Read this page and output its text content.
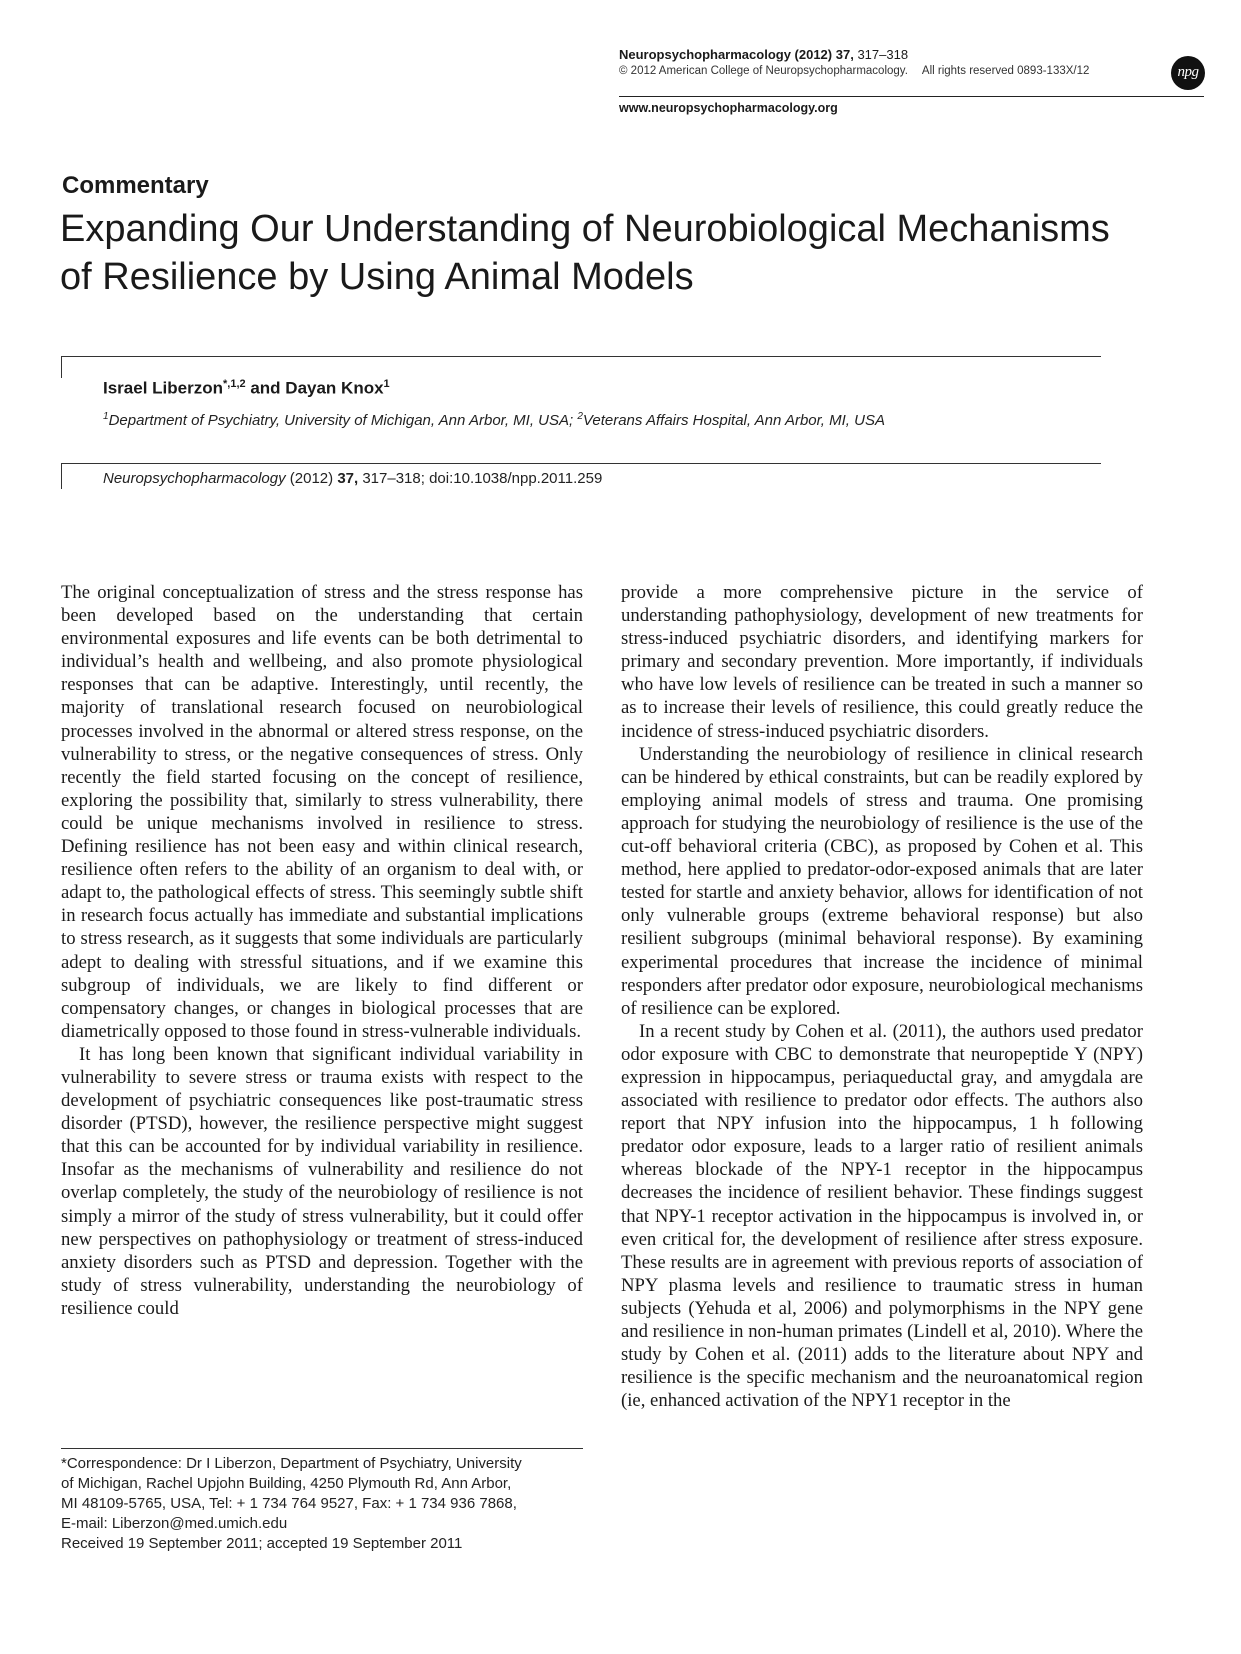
Neuropsychopharmacology (2012) 37, 317–318
© 2012 American College of Neuropsychopharmacology. All rights reserved 0893-133X/12	npg
www.neuropsychopharmacology.org
Commentary
Expanding Our Understanding of Neurobiological Mechanisms
of Resilience by Using Animal Models
Israel Liberzon$^{*,1,2}$ and Dayan Knox$^1$
$^1$Department of Psychiatry, University of Michigan, Ann Arbor, MI, USA; $^2$Veterans Affairs Hospital, Ann Arbor, MI, USA
Neuropsychopharmacology (2012) 37, 317–318; doi:10.1038/npp.2011.259

The original conceptualization of stress and the stress response has been developed based on the understanding that certain environmental exposures and life events can be both detrimental to individual’s health and wellbeing, and also promote physiological responses that can be adaptive. Interestingly, until recently, the majority of translational research focused on neurobiological processes involved in the abnormal or altered stress response, on the vulnerability to stress, or the negative consequences of stress. Only recently the field started focusing on the concept of resilience, exploring the possibility that, similarly to stress vulnerability, there could be unique mechanisms involved in resilience to stress. Defining resilience has not been easy and within clinical research, resilience often refers to the ability of an organism to deal with, or adapt to, the pathological effects of stress. This seemingly subtle shift in research focus actually has immediate and substantial implications to stress research, as it suggests that some individuals are particularly adept to dealing with stressful situations, and if we examine this subgroup of individuals, we are likely to find different or compensatory changes, or changes in biological processes that are diametrically opposed to those found in stress-vulnerable individuals.

It has long been known that significant individual variability in vulnerability to severe stress or trauma exists with respect to the development of psychiatric consequences like post-traumatic stress disorder (PTSD), however, the resilience perspective might suggest that this can be accounted for by individual variability in resilience. Insofar as the mechanisms of vulnerability and resilience do not overlap completely, the study of the neurobiology of resilience is not simply a mirror of the study of stress vulnerability, but it could offer new perspectives on pathophysiology or treatment of stress-induced anxiety disorders such as PTSD and depression. Together with the study of stress vulnerability, understanding the neurobiology of resilience could

provide a more comprehensive picture in the service of understanding pathophysiology, development of new treatments for stress-induced psychiatric disorders, and identifying markers for primary and secondary prevention. More importantly, if individuals who have low levels of resilience can be treated in such a manner so as to increase their levels of resilience, this could greatly reduce the incidence of stress-induced psychiatric disorders.

Understanding the neurobiology of resilience in clinical research can be hindered by ethical constraints, but can be readily explored by employing animal models of stress and trauma. One promising approach for studying the neurobiology of resilience is the use of the cut-off behavioral criteria (CBC), as proposed by Cohen et al. This method, here applied to predator-odor-exposed animals that are later tested for startle and anxiety behavior, allows for identification of not only vulnerable groups (extreme behavioral response) but also resilient subgroups (minimal behavioral response). By examining experimental procedures that increase the incidence of minimal responders after predator odor exposure, neurobiological mechanisms of resilience can be explored.

In a recent study by Cohen et al. (2011), the authors used predator odor exposure with CBC to demonstrate that neuropeptide Y (NPY) expression in hippocampus, periaqueductal gray, and amygdala are associated with resilience to predator odor effects. The authors also report that NPY infusion into the hippocampus, 1 h following predator odor exposure, leads to a larger ratio of resilient animals whereas blockade of the NPY-1 receptor in the hippocampus decreases the incidence of resilient behavior. These findings suggest that NPY-1 receptor activation in the hippocampus is involved in, or even critical for, the development of resilience after stress exposure. These results are in agreement with previous reports of association of NPY plasma levels and resilience to traumatic stress in human subjects (Yehuda et al, 2006) and polymorphisms in the NPY gene and resilience in non-human primates (Lindell et al, 2010). Where the study by Cohen et al. (2011) adds to the literature about NPY and resilience is the specific mechanism and the neuroanatomical region (ie, enhanced activation of the NPY1 receptor in the

*Correspondence: Dr I Liberzon, Department of Psychiatry, University
of Michigan, Rachel Upjohn Building, 4250 Plymouth Rd, Ann Arbor,
MI 48109-5765, USA, Tel: + 1 734 764 9527, Fax: + 1 734 936 7868,
E-mail: Liberzon@med.umich.edu
Received 19 September 2011; accepted 19 September 2011
